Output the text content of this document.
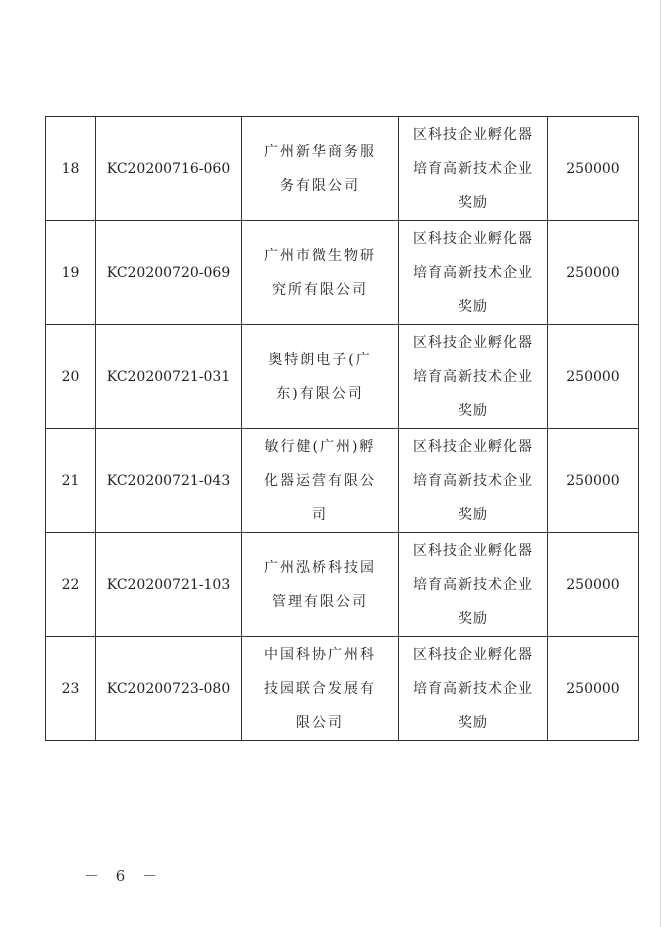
18	KC20200716-060	广州新华商务服务有限公司	区科技企业孵化器培育高新技术企业奖励	250000
19	KC20200720-069	广州市微生物研究所有限公司	区科技企业孵化器培育高新技术企业奖励	250000
20	KC20200721-031	奥特朗电子(广东)有限公司	区科技企业孵化器培育高新技术企业奖励	250000
21	KC20200721-043	敏行健(广州)孵化器运营有限公司	区科技企业孵化器培育高新技术企业奖励	250000
22	KC20200721-103	广州泓桥科技园管理有限公司	区科技企业孵化器培育高新技术企业奖励	250000
23	KC20200723-080	中国科协广州科技园联合发展有限公司	区科技企业孵化器培育高新技术企业奖励	250000
－ 6 －
